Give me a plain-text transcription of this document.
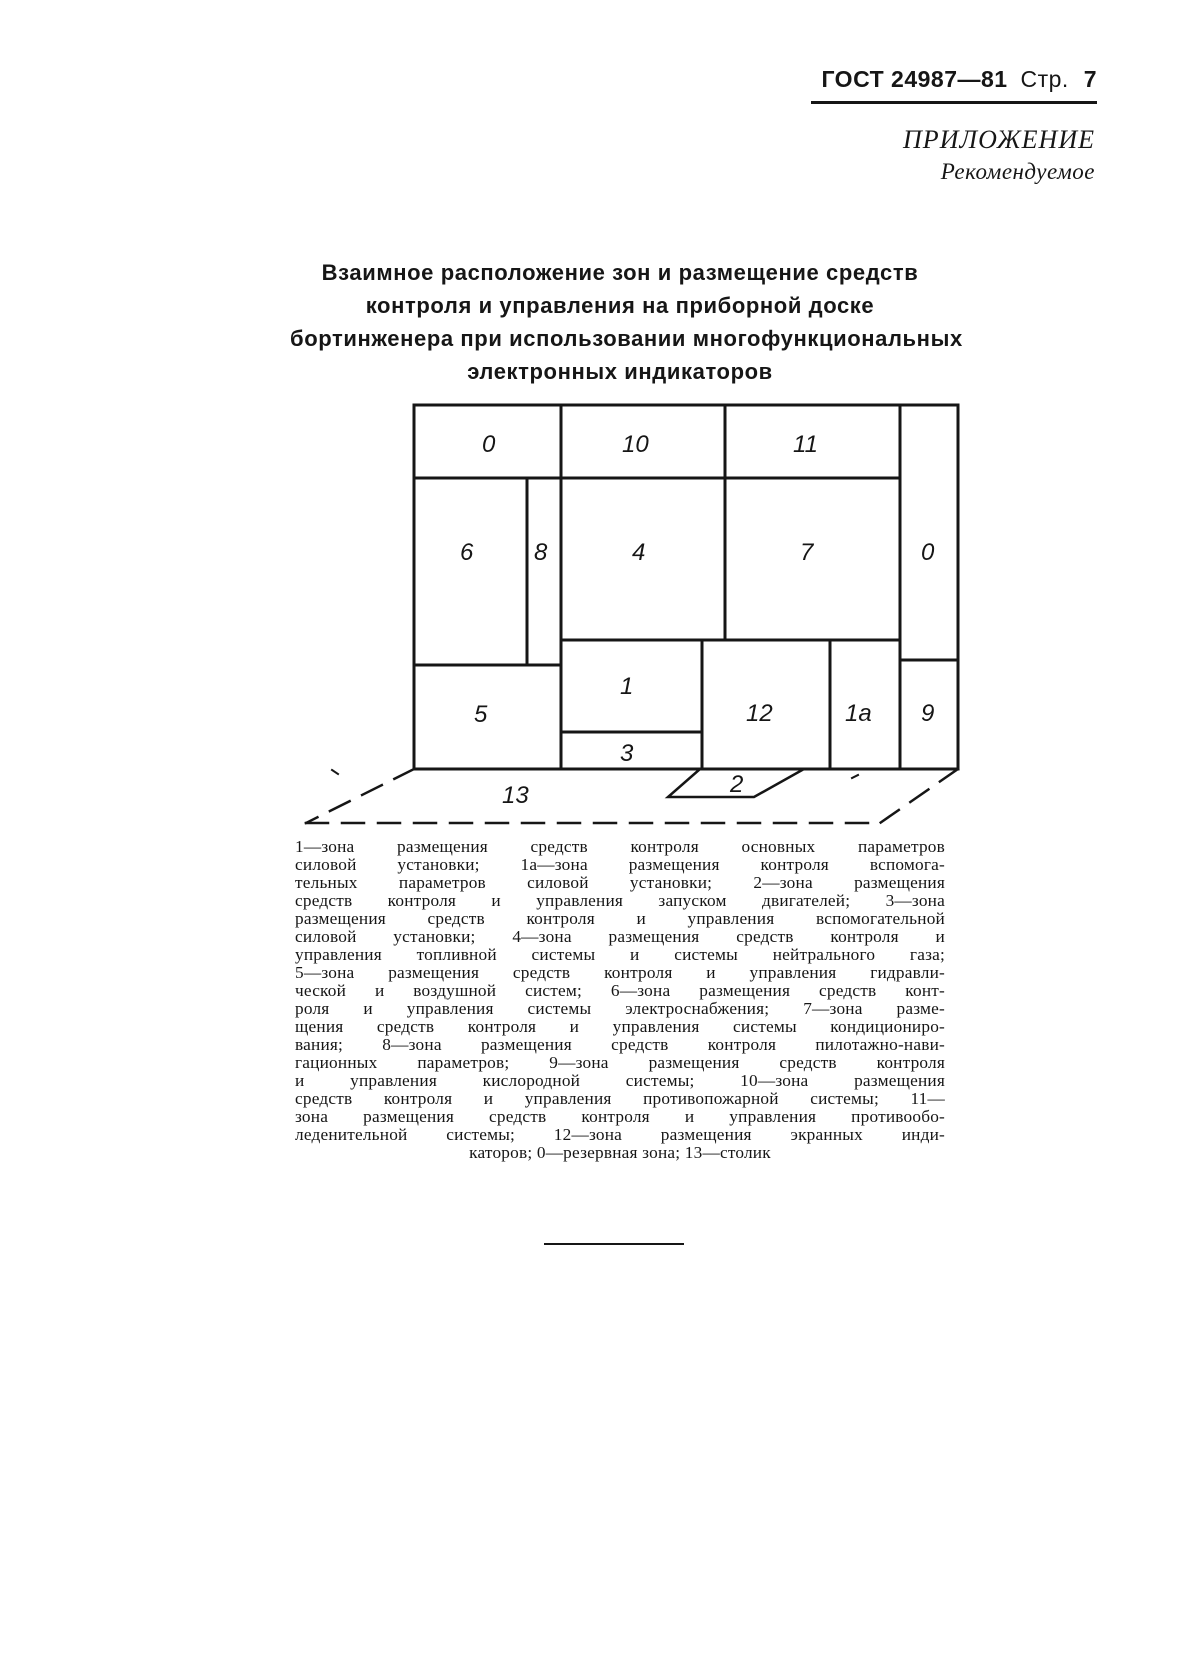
ГОСТ 24987—81 Стр. 7
ПРИЛОЖЕНИЕ
Рекомендуемое
Взаимное расположение зон и размещение средств
контроля и управления на приборной доске
бортинженера при использовании многофункциональных
электронных индикаторов
0	10	11
6	8	4	7	0
1
12	1a 9
5
3
2
13
1—зона размещения средств контроля основных параметров
силовой установки; 1а—зона размещения контроля вспомога-
тельных параметров силовой установки; 2—зона размещения
средств контроля и управления запуском двигателей; 3—зона
размещения средств контроля и управления вспомогательной
силовой установки; 4—зона размещения средств контроля и
управления топливной системы и системы нейтрального газа;
5—зона размещения средств контроля и управления гидравли-
ческой и воздушной систем; 6—зона размещения средств конт-
роля и управления системы электроснабжения; 7—зона разме-
щения средств контроля и управления системы кондициониро-
вания; 8—зона размещения средств контроля пилотажно-нави-
гационных параметров; 9—зона размещения средств контроля
и управления кислородной системы; 10—зона размещения
средств контроля и управления противопожарной системы; 11—
зона размещения средств контроля и управления противообо-
леденительной системы; 12—зона размещения экранных инди-
каторов; 0—резервная зона; 13—столик
